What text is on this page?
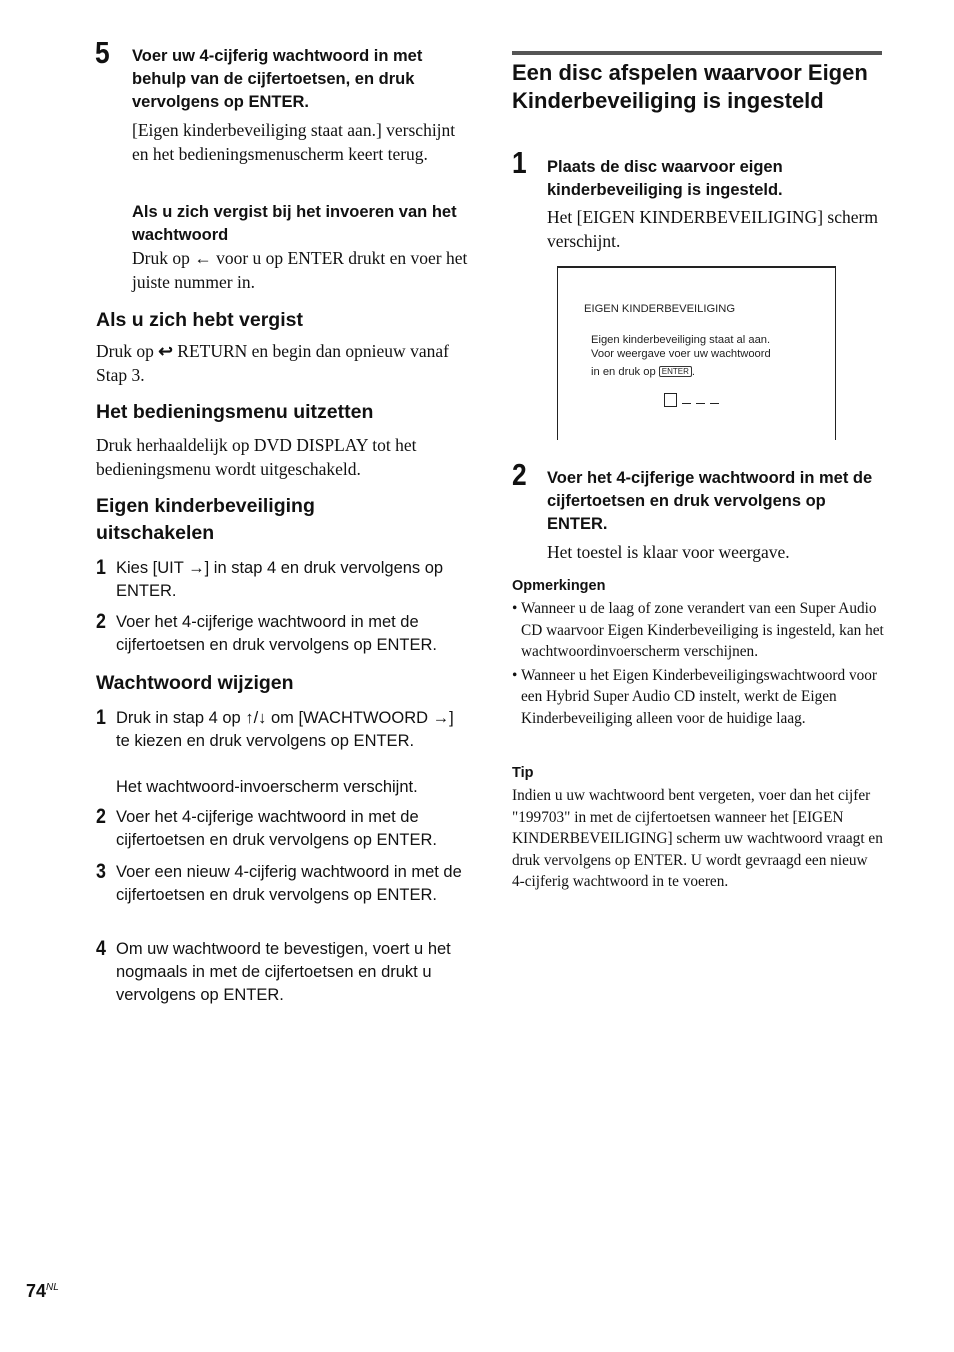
5 Voer uw 4-cijferig wachtwoord in met behulp van de cijfertoetsen, en druk vervolgens op ENTER.
[Eigen kinderbeveiliging staat aan.] verschijnt en het bedieningsmenuscherm keert terug.
Als u zich vergist bij het invoeren van het wachtwoord
Druk op ← voor u op ENTER drukt en voer het juiste nummer in.
Als u zich hebt vergist
Druk op ↩ RETURN en begin dan opnieuw vanaf Stap 3.
Het bedieningsmenu uitzetten
Druk herhaaldelijk op DVD DISPLAY tot het bedieningsmenu wordt uitgeschakeld.
Eigen kinderbeveiliging uitschakelen
1 Kies [UIT →] in stap 4 en druk vervolgens op ENTER.
2 Voer het 4-cijferige wachtwoord in met de cijfertoetsen en druk vervolgens op ENTER.
Wachtwoord wijzigen
1 Druk in stap 4 op ↑/↓ om [WACHTWOORD →] te kiezen en druk vervolgens op ENTER.
Het wachtwoord-invoerscherm verschijnt.
2 Voer het 4-cijferige wachtwoord in met de cijfertoetsen en druk vervolgens op ENTER.
3 Voer een nieuw 4-cijferig wachtwoord in met de cijfertoetsen en druk vervolgens op ENTER.
4 Om uw wachtwoord te bevestigen, voert u het nogmaals in met de cijfertoetsen en drukt u vervolgens op ENTER.
Een disc afspelen waarvoor Eigen Kinderbeveiliging is ingesteld
1 Plaats de disc waarvoor eigen kinderbeveiliging is ingesteld.
Het [EIGEN KINDERBEVEILIGING] scherm verschijnt.
EIGEN KINDERBEVEILIGING
Eigen kinderbeveiliging staat al aan.
Voor weergave voer uw wachtwoord
in en druk op ENTER .
2 Voer het 4-cijferige wachtwoord in met de cijfertoetsen en druk vervolgens op ENTER.
Het toestel is klaar voor weergave.
Opmerkingen
• Wanneer u de laag of zone verandert van een Super Audio CD waarvoor Eigen Kinderbeveiliging is ingesteld, kan het wachtwoordinvoerscherm verschijnen.
• Wanneer u het Eigen Kinderbeveiligingswachtwoord voor een Hybrid Super Audio CD instelt, werkt de Eigen Kinderbeveiliging alleen voor de huidige laag.
Tip
Indien u uw wachtwoord bent vergeten, voer dan het cijfer "199703" in met de cijfertoetsen wanneer het [EIGEN KINDERBEVEILIGING] scherm uw wachtwoord vraagt en druk vervolgens op ENTER. U wordt gevraagd een nieuw 4-cijferig wachtwoord in te voeren.
$74^{NL}$
